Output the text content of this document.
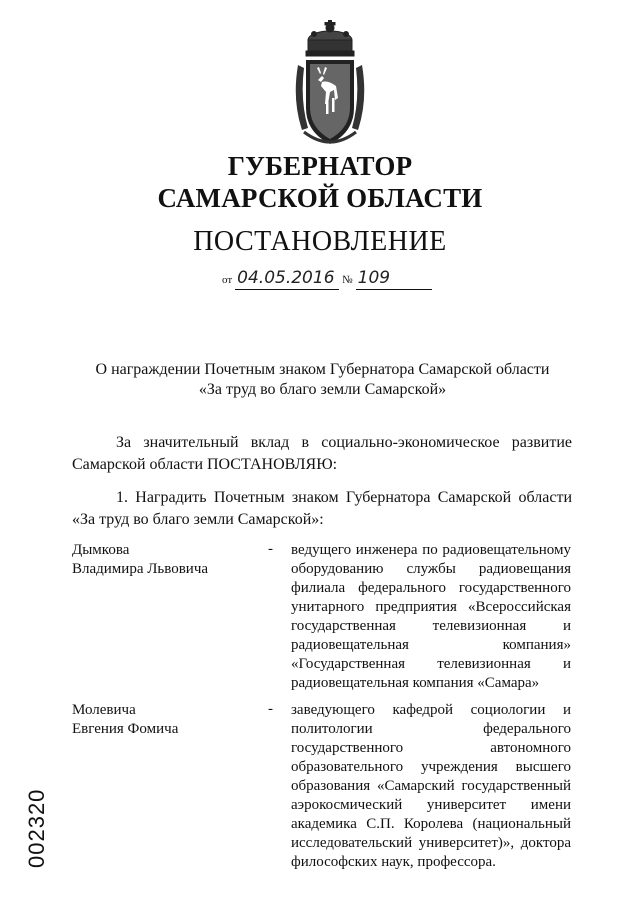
ГУБЕРНАТОР
САМАРСКОЙ ОБЛАСТИ
ПОСТАНОВЛЕНИЕ
от 04.05.2016 № 109
О награждении Почетным знаком Губернатора Самарской области
«За труд во благо земли Самарской»
За значительный вклад в социально-экономическое развитие Самарской области ПОСТАНОВЛЯЮ:
1. Наградить Почетным знаком Губернатора Самарской области «За труд во благо земли Самарской»:
Дымкова
Владимира Львовича
- ведущего инженера по радиовещательному оборудованию службы радиовещания филиала федерального государственного унитарного предприятия «Всероссийская государственная телевизионная и радиовещательная компания» «Государственная телевизионная и радиовещательная компания «Самара»
Молевича
Евгения Фомича
- заведующего кафедрой социологии и политологии федерального государственного автономного образовательного учреждения высшего образования «Самарский государственный аэрокосмический университет имени академика С.П. Королева (национальный исследовательский университет)», доктора философских наук, профессора.
002320
